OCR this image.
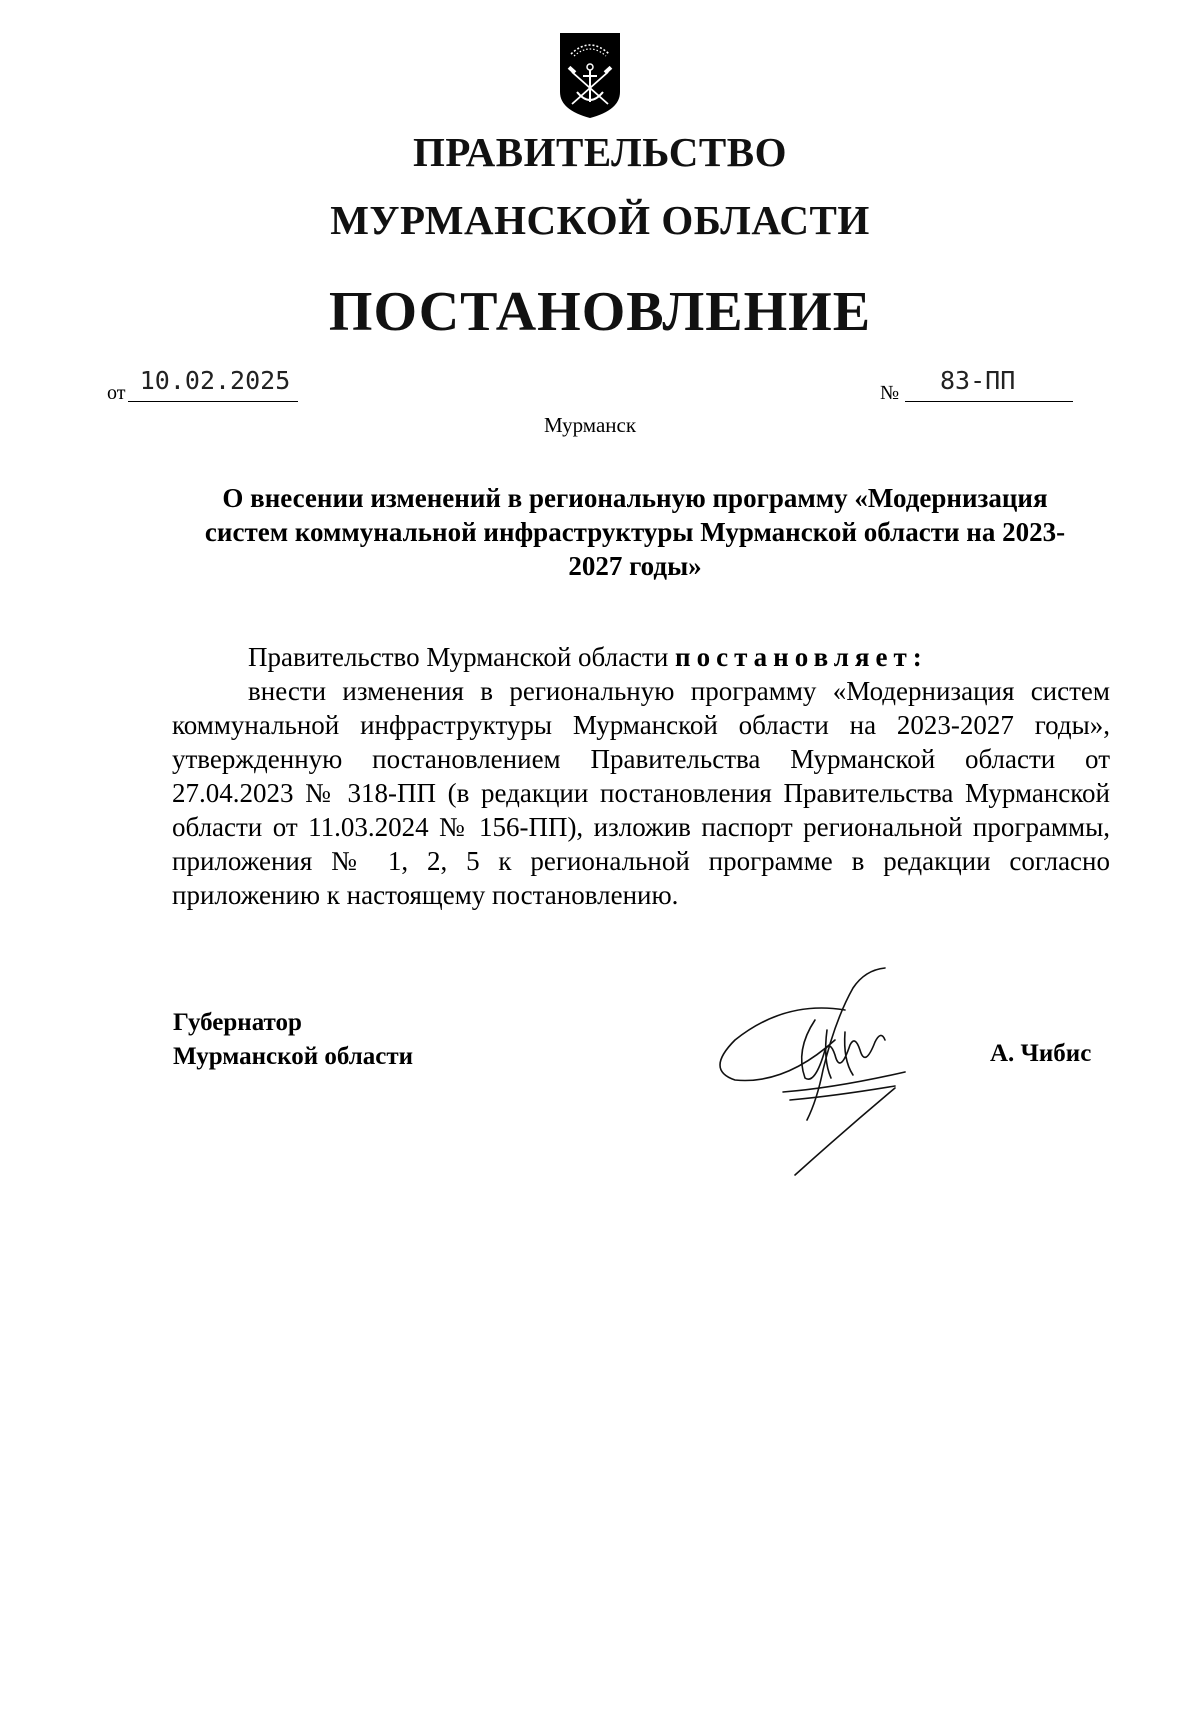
ПРАВИТЕЛЬСТВО
МУРМАНСКОЙ ОБЛАСТИ
ПОСТАНОВЛЕНИЕ
от 10.02.2025	№	83-ПП
Мурманск
О внесении изменений в региональную программу «Модернизация систем коммунальной инфраструктуры Мурманской области на 2023-2027 годы»

Правительство Мурманской области постановляет:

внести изменения в региональную программу «Модернизация систем коммунальной инфраструктуры Мурманской области на 2023-2027 годы», утвержденную постановлением Правительства Мурманской области от 27.04.2023 № 318-ПП (в редакции постановления Правительства Мурманской области от 11.03.2024 № 156-ПП), изложив паспорт региональной программы, приложения № 1, 2, 5 к региональной программе в редакции согласно приложению к настоящему постановлению.

Губернатор
Мурманской области	А. Чибис
